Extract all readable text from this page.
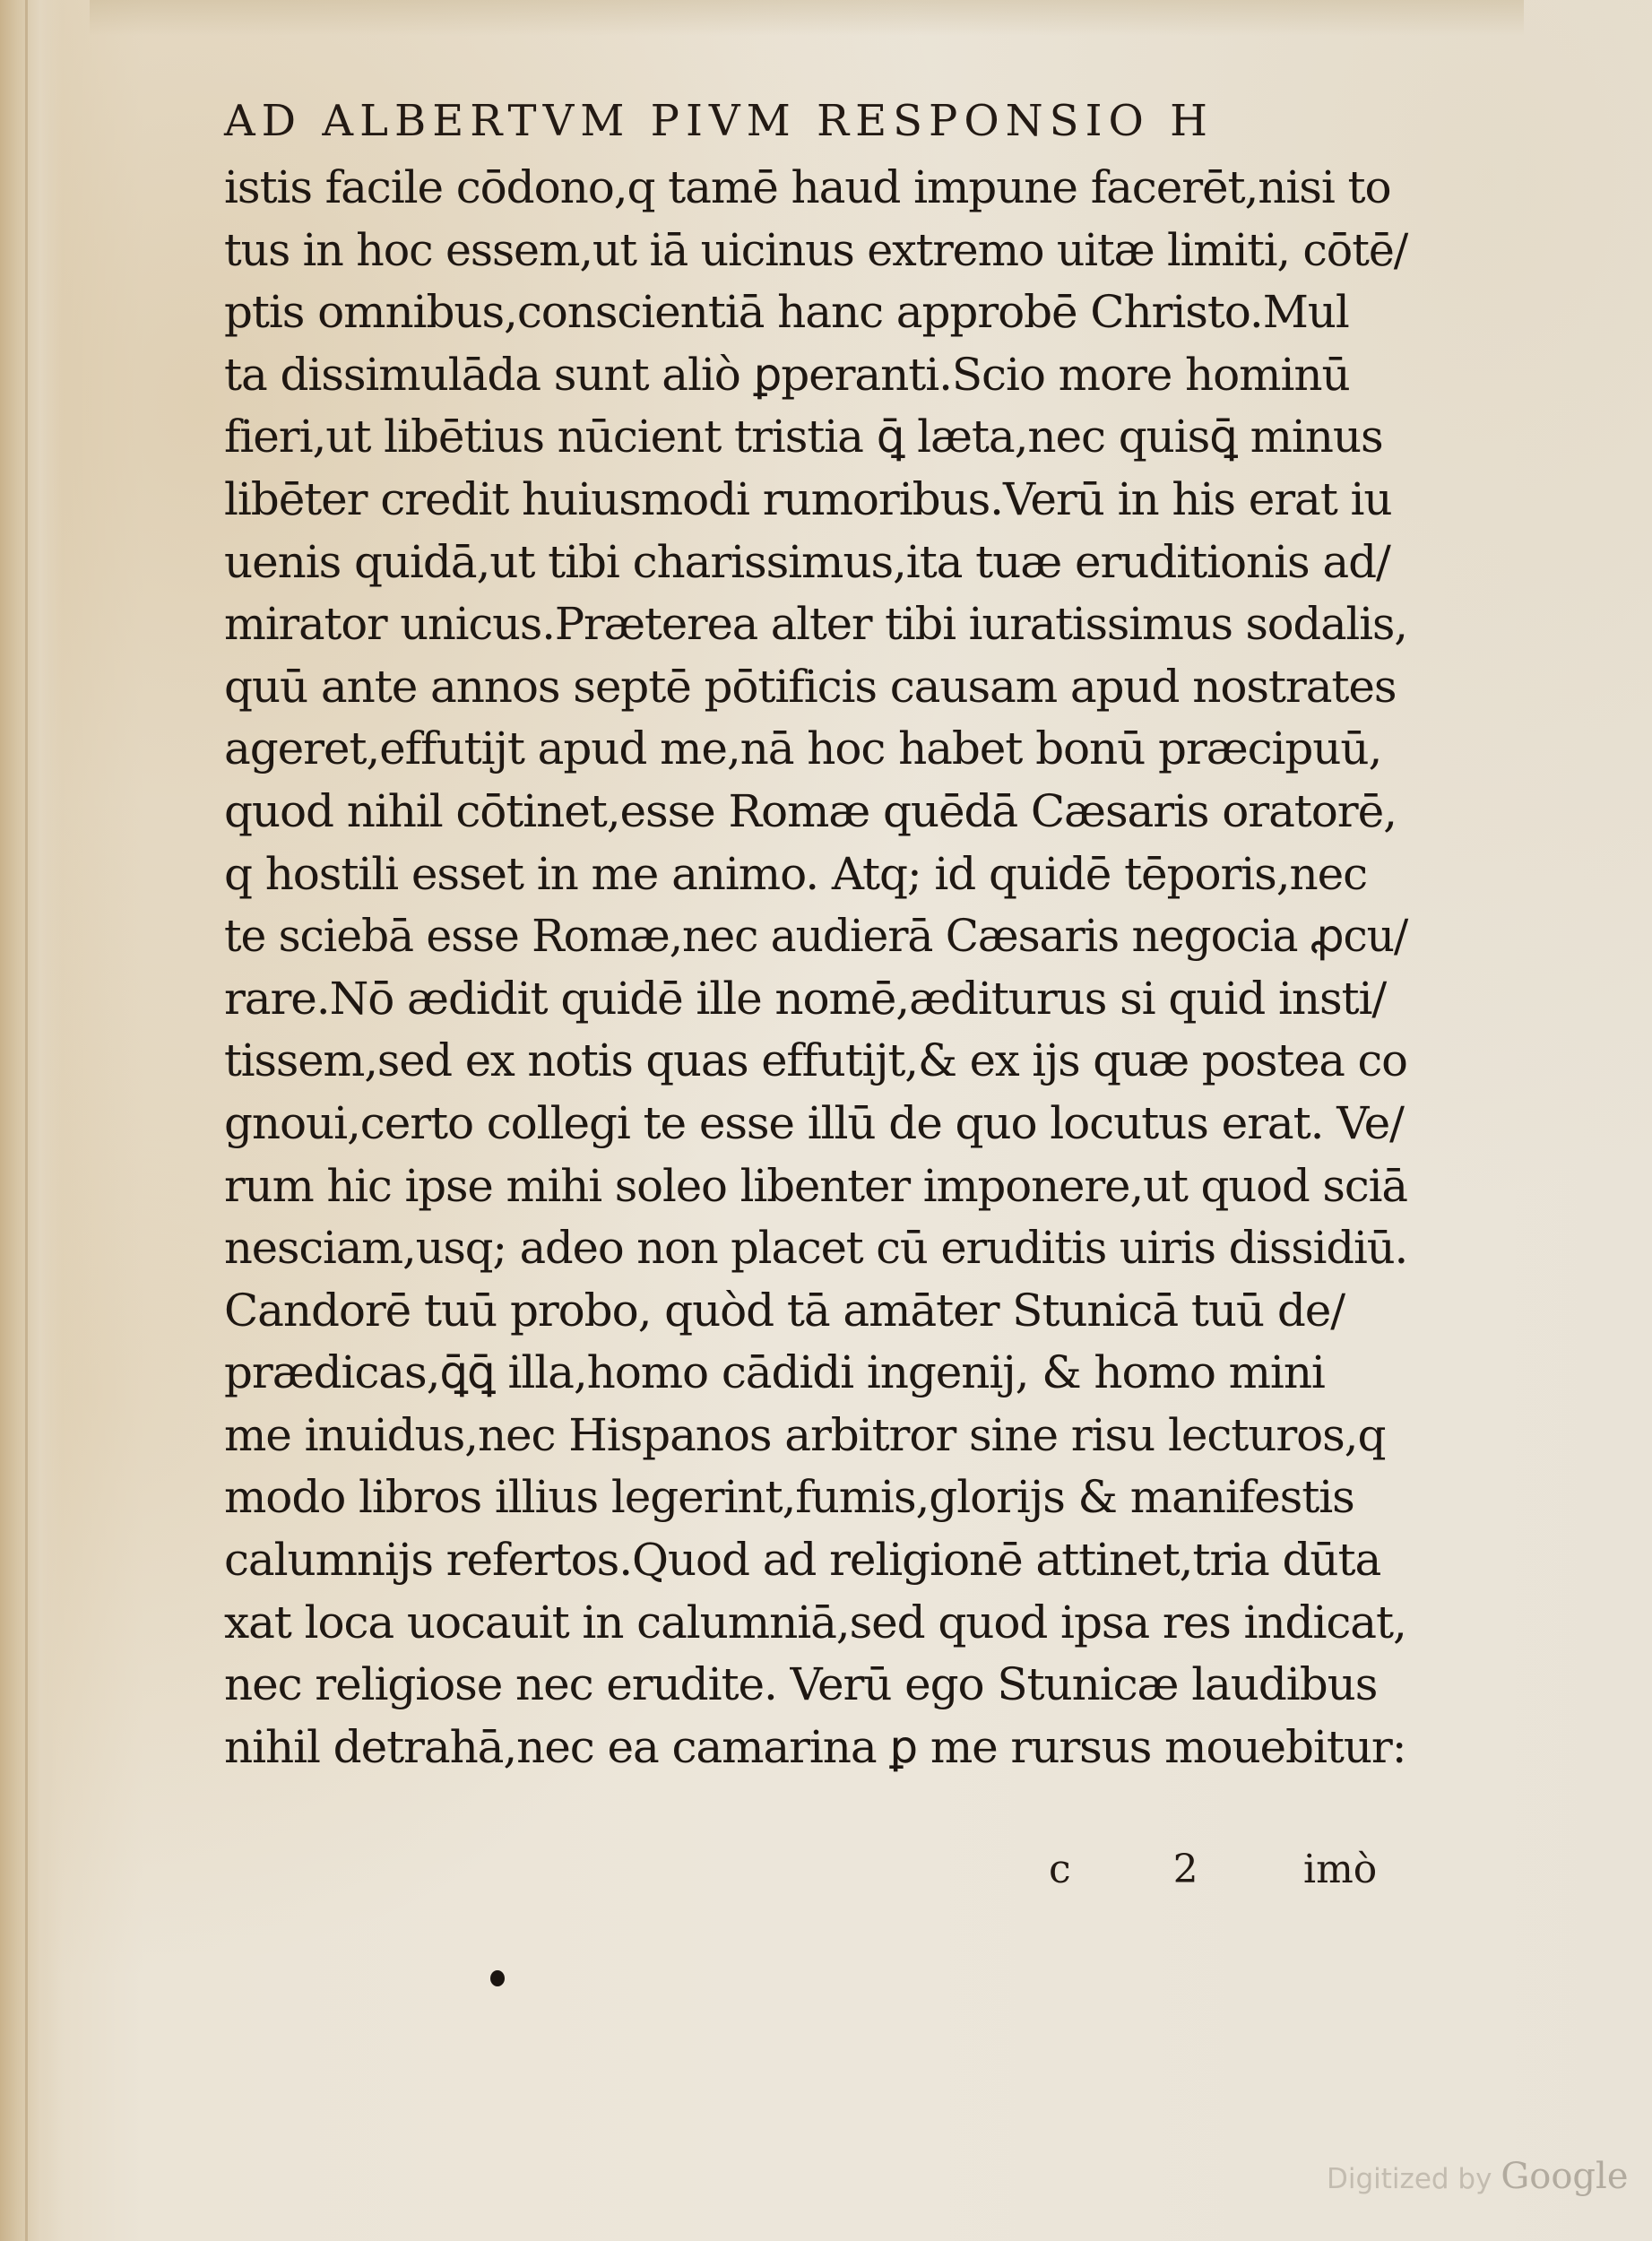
AD ALBERTVM PIVM RESPONSIO H
istis facile cōdono,q tamē haud impune facerēt,nisi to
tus in hoc essem,ut iā uicinus extremo uitæ limiti, cōtē/
ptis omnibus,conscientiā hanc approbē Christo.Mul
ta dissimulāda sunt aliò ꝑperanti.Scio more hominū
fieri,ut libētius nūcient tristia ꝗ̄ læta,nec quisꝗ̄ minus
libēter credit huiusmodi rumoribus.Verū in his erat iu
uenis quidā,ut tibi charissimus,ita tuæ eruditionis ad/
mirator unicus.Præterea alter tibi iuratissimus sodalis,
quū ante annos septē pōtificis causam apud nostrates
ageret,effutijt apud me,nā hoc habet bonū præcipuū,
quod nihil cōtinet,esse Romæ quēdā Cæsaris oratorē,
q hostili esset in me animo. Atq; id quidē tēporis,nec
te sciebā esse Romæ,nec audierā Cæsaris negocia ꝓcu/
rare.Nō ædidit quidē ille nomē,æditurus si quid insti/
tissem,sed ex notis quas effutijt,& ex ijs quæ postea co
gnoui,certo collegi te esse illū de quo locutus erat. Ve/
rum hic ipse mihi soleo libenter imponere,ut quod sciā
nesciam,usq; adeo non placet cū eruditis uiris dissidiū.
Candorē tuū probo, quòd tā amāter Stunicā tuū de/
prædicas,ꝗ̄ꝗ̄ illa,homo cādidi ingenij, & homo mini
me inuidus,nec Hispanos arbitror sine risu lecturos,q
modo libros illius legerint,fumis,glorijs & manifestis
calumnijs refertos.Quod ad religionē attinet,tria dūta
xat loca uocauit in calumniā,sed quod ipsa res indicat,
nec religiose nec erudite. Verū ego Stunicæ laudibus
nihil detrahā,nec ea camarina ꝑ me rursus mouebitur:
c 2 imò
Digitized by Google
